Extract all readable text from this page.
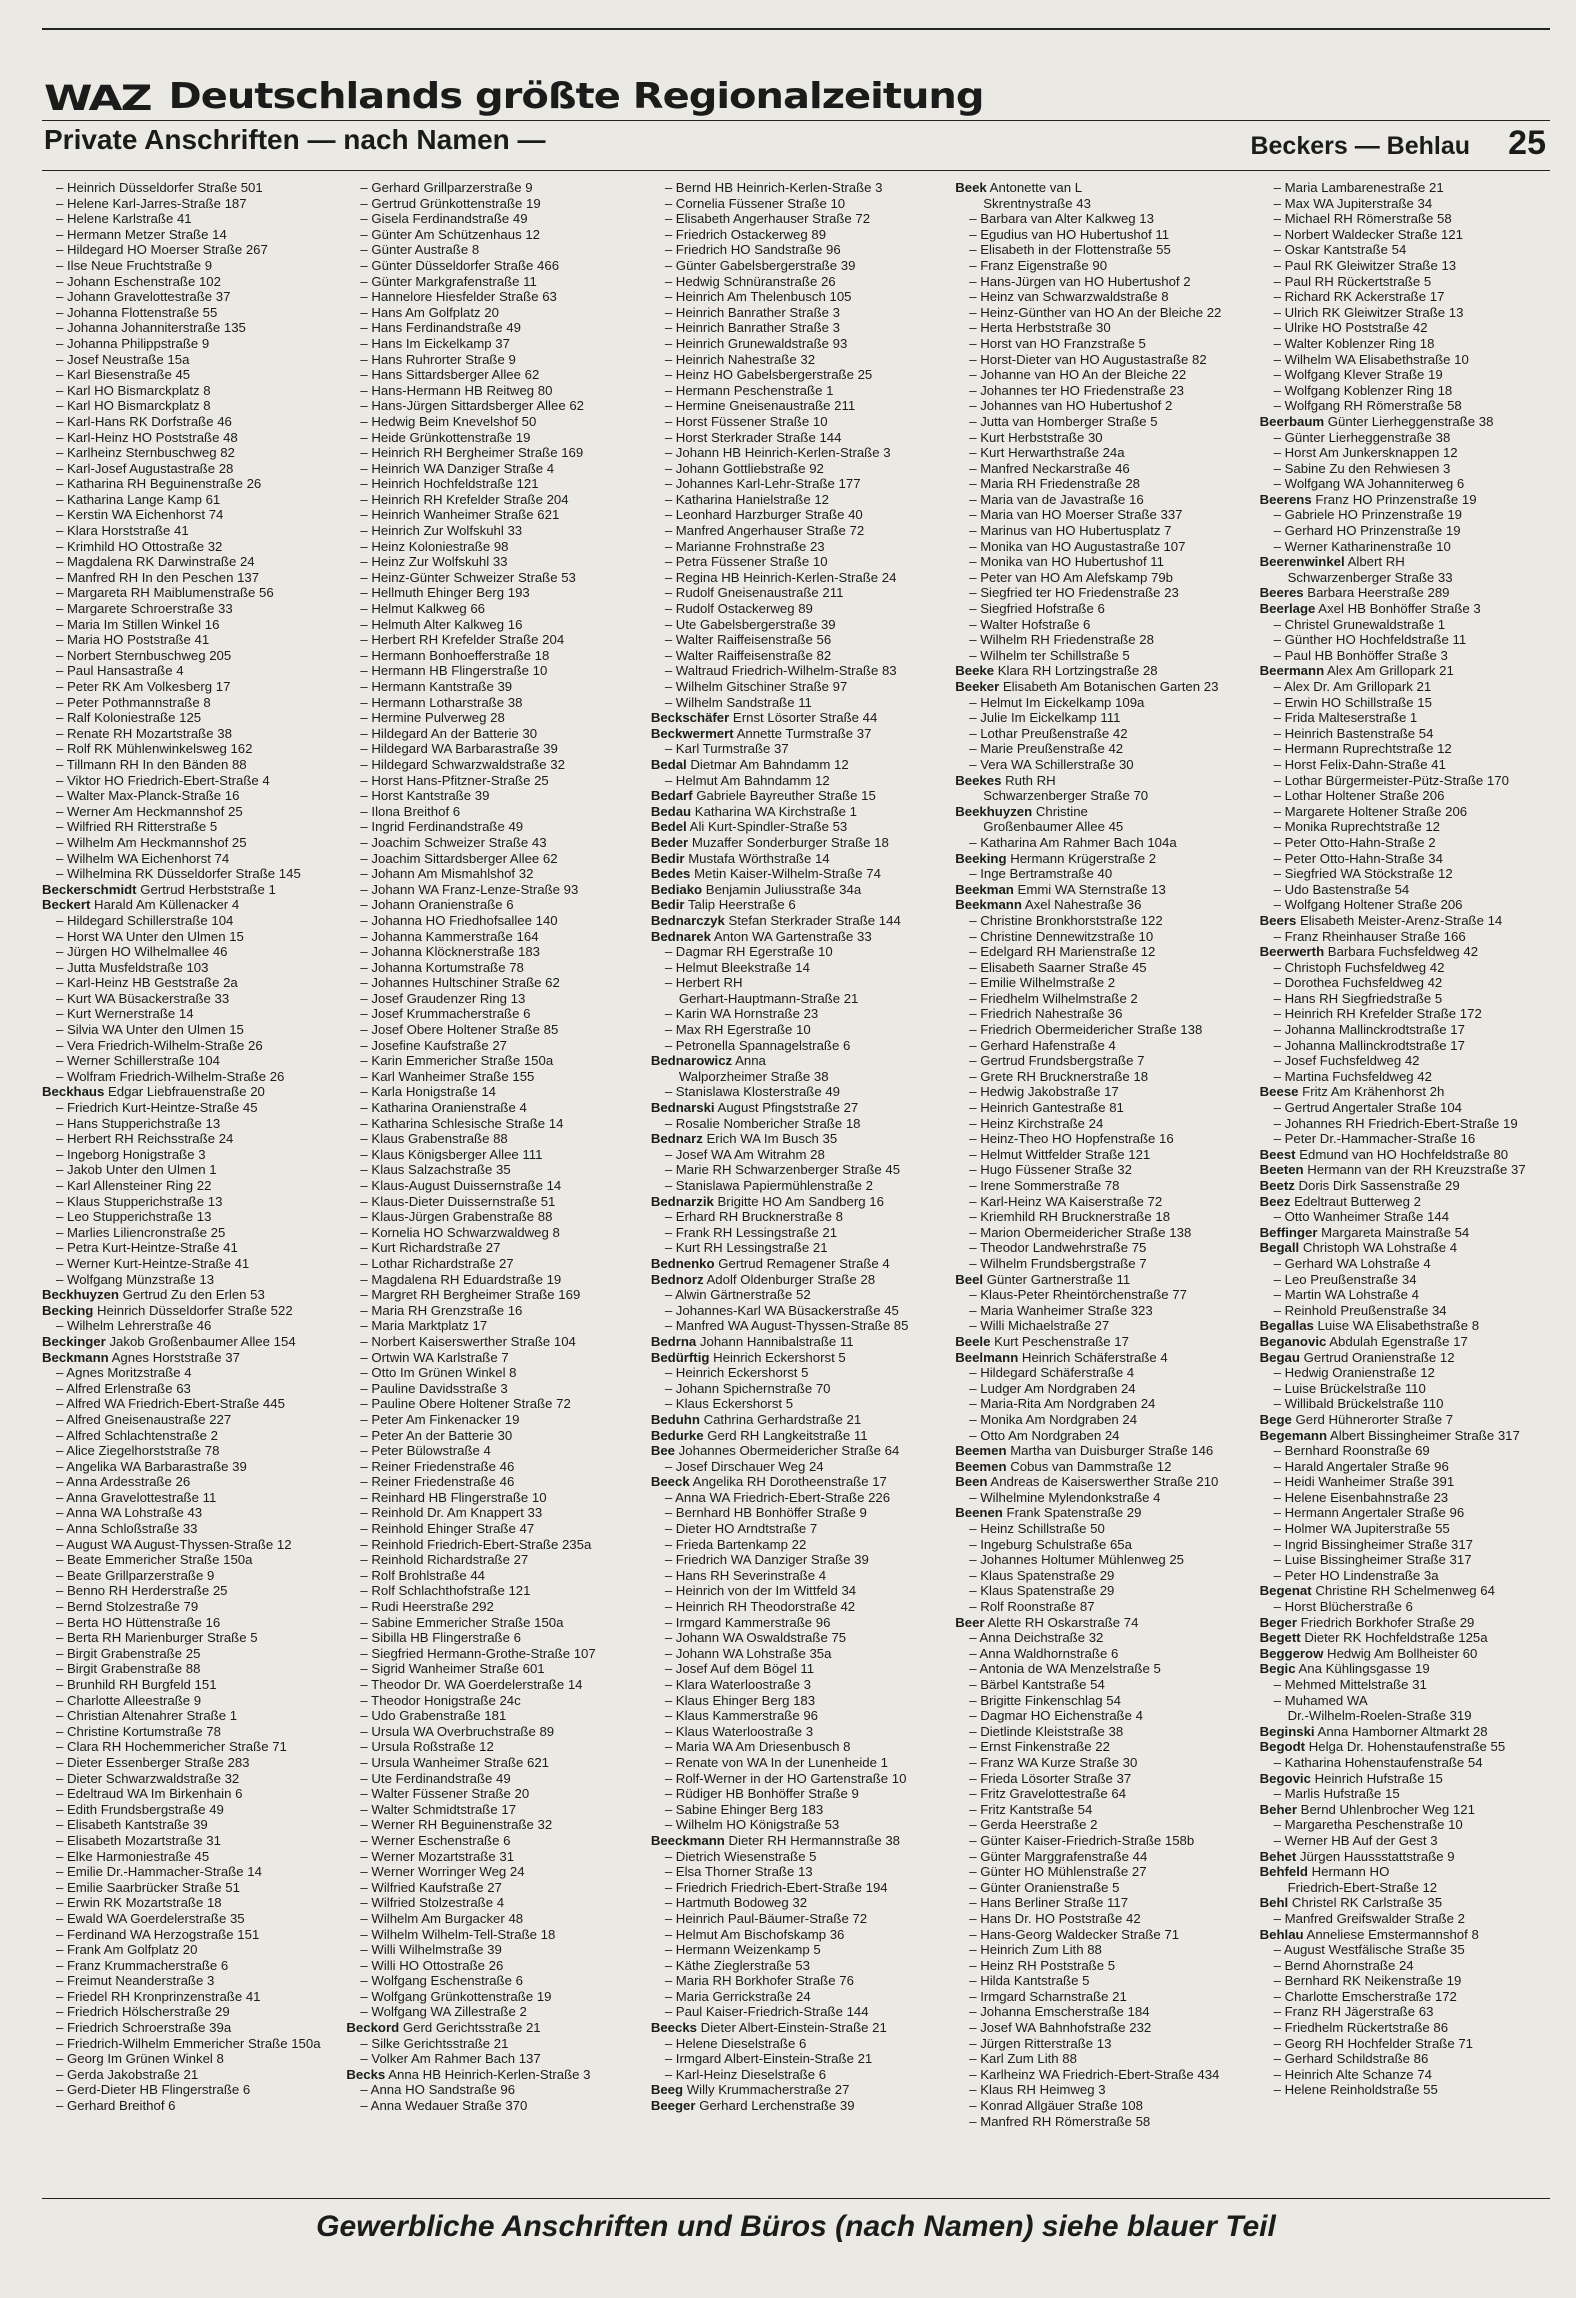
WAZ Deutschlands größte Regionalzeitung
Private Anschriften — nach Namen —	Beckers — Behlau 25
– Heinrich Düsseldorfer Straße 501
– Helene Karl-Jarres-Straße 187
– Helene Karlstraße 41
– Hermann Metzer Straße 14
– Hildegard HO Moerser Straße 267
– Ilse Neue Fruchtstraße 9
– Johann Eschenstraße 102
– Johann Gravelottestraße 37
– Johanna Flottenstraße 55
– Johanna Johanniterstraße 135
– Johanna Philippstraße 9
– Josef Neustraße 15a
– Karl Biesenstraße 45
– Karl HO Bismarckplatz 8
– Karl HO Bismarckplatz 8
– Karl-Hans RK Dorfstraße 46
– Karl-Heinz HO Poststraße 48
– Karlheinz Sternbuschweg 82
– Karl-Josef Augustastraße 28
– Katharina RH Beguinenstraße 26
– Katharina Lange Kamp 61
– Kerstin WA Eichenhorst 74
– Klara Horststraße 41
– Krimhild HO Ottostraße 32
– Magdalena RK Darwinstraße 24
– Manfred RH In den Peschen 137
– Margareta RH Maiblumenstraße 56
– Margarete Schroerstraße 33
– Maria Im Stillen Winkel 16
– Maria HO Poststraße 41
– Norbert Sternbuschweg 205
– Paul Hansastraße 4
– Peter RK Am Volkesberg 17
– Peter Pothmannstraße 8
– Ralf Koloniestraße 125
– Renate RH Mozartstraße 38
– Rolf RK Mühlenwinkelsweg 162
– Tillmann RH In den Bänden 88
– Viktor HO Friedrich-Ebert-Straße 4
– Walter Max-Planck-Straße 16
– Werner Am Heckmannshof 25
– Wilfried RH Ritterstraße 5
– Wilhelm Am Heckmannshof 25
– Wilhelm WA Eichenhorst 74
– Wilhelmina RK Düsseldorfer Straße 145
Beckerschmidt Gertrud Herbststraße 1
Beckert Harald Am Küllenacker 4
– Hildegard Schillerstraße 104
– Horst WA Unter den Ulmen 15
– Jürgen HO Wilhelmallee 46
– Jutta Musfeldstraße 103
– Karl-Heinz HB Geststraße 2a
– Kurt WA Büsackerstraße 33
– Kurt Wernerstraße 14
– Silvia WA Unter den Ulmen 15
– Vera Friedrich-Wilhelm-Straße 26
– Werner Schillerstraße 104
– Wolfram Friedrich-Wilhelm-Straße 26
Beckhaus Edgar Liebfrauenstraße 20
– Friedrich Kurt-Heintze-Straße 45
– Hans Stupperichstraße 13
– Herbert RH Reichsstraße 24
– Ingeborg Honigstraße 3
– Jakob Unter den Ulmen 1
– Karl Allensteiner Ring 22
– Klaus Stupperichstraße 13
– Leo Stupperichstraße 13
– Marlies Liliencronstraße 25
– Petra Kurt-Heintze-Straße 41
– Werner Kurt-Heintze-Straße 41
– Wolfgang Münzstraße 13
Beckhuyzen Gertrud Zu den Erlen 53
Becking Heinrich Düsseldorfer Straße 522
– Wilhelm Lehrerstraße 46
Beckinger Jakob Großenbaumer Allee 154
Beckmann Agnes Horststraße 37
– Agnes Moritzstraße 4
– Alfred Erlenstraße 63
– Alfred WA Friedrich-Ebert-Straße 445
– Alfred Gneisenaustraße 227
– Alfred Schlachtenstraße 2
– Alice Ziegelhorststraße 78
– Angelika WA Barbarastraße 39
– Anna Ardesstraße 26
– Anna Gravelottestraße 11
– Anna WA Lohstraße 43
– Anna Schloßstraße 33
– August WA August-Thyssen-Straße 12
– Beate Emmericher Straße 150a
– Beate Grillparzerstraße 9
– Benno RH Herderstraße 25
– Bernd Stolzestraße 79
– Berta HO Hüttenstraße 16
– Berta RH Marienburger Straße 5
– Birgit Grabenstraße 25
– Birgit Grabenstraße 88
– Brunhild RH Burgfeld 151
– Charlotte Alleestraße 9
– Christian Altenahrer Straße 1
– Christine Kortumstraße 78
– Clara RH Hochemmericher Straße 71
– Dieter Essenberger Straße 283
– Dieter Schwarzwaldstraße 32
– Edeltraud WA Im Birkenhain 6
– Edith Frundsbergstraße 49
– Elisabeth Kantstraße 39
– Elisabeth Mozartstraße 31
– Elke Harmoniestraße 45
– Emilie Dr.-Hammacher-Straße 14
– Emilie Saarbrücker Straße 51
– Erwin RK Mozartstraße 18
– Ewald WA Goerdelerstraße 35
– Ferdinand WA Herzogstraße 151
– Frank Am Golfplatz 20
– Franz Krummacherstraße 6
– Freimut Neanderstraße 3
– Friedel RH Kronprinzenstraße 41
– Friedrich Hölscherstraße 29
– Friedrich Schroerstraße 39a
– Friedrich-Wilhelm Emmericher Straße 150a
– Georg Im Grünen Winkel 8
– Gerda Jakobstraße 21
– Gerd-Dieter HB Flingerstraße 6
– Gerhard Breithof 6
– Gerhard Grillparzerstraße 9
– Gertrud Grünkottenstraße 19
– Gisela Ferdinandstraße 49
– Günter Am Schützenhaus 12
– Günter Austraße 8
– Günter Düsseldorfer Straße 466
– Günter Markgrafenstraße 11
– Hannelore Hiesfelder Straße 63
– Hans Am Golfplatz 20
– Hans Ferdinandstraße 49
– Hans Im Eickelkamp 37
– Hans Ruhrorter Straße 9
– Hans Sittardsberger Allee 62
– Hans-Hermann HB Reitweg 80
– Hans-Jürgen Sittardsberger Allee 62
– Hedwig Beim Knevelshof 50
– Heide Grünkottenstraße 19
– Heinrich RH Bergheimer Straße 169
– Heinrich WA Danziger Straße 4
– Heinrich Hochfeldstraße 121
– Heinrich RH Krefelder Straße 204
– Heinrich Wanheimer Straße 621
– Heinrich Zur Wolfskuhl 33
– Heinz Koloniestraße 98
– Heinz Zur Wolfskuhl 33
– Heinz-Günter Schweizer Straße 53
– Hellmuth Ehinger Berg 193
– Helmut Kalkweg 66
– Helmuth Alter Kalkweg 16
– Herbert RH Krefelder Straße 204
– Hermann Bonhoefferstraße 18
– Hermann HB Flingerstraße 10
– Hermann Kantstraße 39
– Hermann Lotharstraße 38
– Hermine Pulverweg 28
– Hildegard An der Batterie 30
– Hildegard WA Barbarastraße 39
– Hildegard Schwarzwaldstraße 32
– Horst Hans-Pfitzner-Straße 25
– Horst Kantstraße 39
– Ilona Breithof 6
– Ingrid Ferdinandstraße 49
– Joachim Schweizer Straße 43
– Joachim Sittardsberger Allee 62
– Johann Am Mismahlshof 32
– Johann WA Franz-Lenze-Straße 93
– Johann Oranienstraße 6
– Johanna HO Friedhofsallee 140
– Johanna Kammerstraße 164
– Johanna Klöcknerstraße 183
– Johanna Kortumstraße 78
– Johannes Hultschiner Straße 62
– Josef Graudenzer Ring 13
– Josef Krummacherstraße 6
– Josef Obere Holtener Straße 85
– Josefine Kaufstraße 27
– Karin Emmericher Straße 150a
– Karl Wanheimer Straße 155
– Karla Honigstraße 14
– Katharina Oranienstraße 4
– Katharina Schlesische Straße 14
– Klaus Grabenstraße 88
– Klaus Königsberger Allee 111
– Klaus Salzachstraße 35
– Klaus-August Duissernstraße 14
– Klaus-Dieter Duissernstraße 51
– Klaus-Jürgen Grabenstraße 88
– Kornelia HO Schwarzwaldweg 8
– Kurt Richardstraße 27
– Lothar Richardstraße 27
– Magdalena RH Eduardstraße 19
– Margret RH Bergheimer Straße 169
– Maria RH Grenzstraße 16
– Maria Marktplatz 17
– Norbert Kaiserswerther Straße 104
– Ortwin WA Karlstraße 7
– Otto Im Grünen Winkel 8
– Pauline Davidsstraße 3
– Pauline Obere Holtener Straße 72
– Peter Am Finkenacker 19
– Peter An der Batterie 30
– Peter Bülowstraße 4
– Reiner Friedenstraße 46
– Reiner Friedenstraße 46
– Reinhard HB Flingerstraße 10
– Reinhold Dr. Am Knappert 33
– Reinhold Ehinger Straße 47
– Reinhold Friedrich-Ebert-Straße 235a
– Reinhold Richardstraße 27
– Rolf Brohlstraße 44
– Rolf Schlachthofstraße 121
– Rudi Heerstraße 292
– Sabine Emmericher Straße 150a
– Sibilla HB Flingerstraße 6
– Siegfried Hermann-Grothe-Straße 107
– Sigrid Wanheimer Straße 601
– Theodor Dr. WA Goerdelerstraße 14
– Theodor Honigstraße 24c
– Udo Grabenstraße 181
– Ursula WA Overbruchstraße 89
– Ursula Roßstraße 12
– Ursula Wanheimer Straße 621
– Ute Ferdinandstraße 49
– Walter Füssener Straße 20
– Walter Schmidtstraße 17
– Werner RH Beguinenstraße 32
– Werner Eschenstraße 6
– Werner Mozartstraße 31
– Werner Worringer Weg 24
– Wilfried Kaufstraße 27
– Wilfried Stolzestraße 4
– Wilhelm Am Burgacker 48
– Wilhelm Wilhelm-Tell-Straße 18
– Willi Wilhelmstraße 39
– Willi HO Ottostraße 26
– Wolfgang Eschenstraße 6
– Wolfgang Grünkottenstraße 19
– Wolfgang WA Zillestraße 2
Beckord Gerd Gerichtsstraße 21
– Silke Gerichtsstraße 21
– Volker Am Rahmer Bach 137
Becks Anna HB Heinrich-Kerlen-Straße 3
– Anna HO Sandstraße 96
– Anna Wedauer Straße 370
– Bernd HB Heinrich-Kerlen-Straße 3
– Cornelia Füssener Straße 10
– Elisabeth Angerhauser Straße 72
– Friedrich Ostackerweg 89
– Friedrich HO Sandstraße 96
– Günter Gabelsbergerstraße 39
– Hedwig Schnüranstraße 26
– Heinrich Am Thelenbusch 105
– Heinrich Banrather Straße 3
– Heinrich Banrather Straße 3
– Heinrich Grunewaldstraße 93
– Heinrich Nahestraße 32
– Heinz HO Gabelsbergerstraße 25
– Hermann Peschenstraße 1
– Hermine Gneisenaustraße 211
– Horst Füssener Straße 10
– Horst Sterkrader Straße 144
– Johann HB Heinrich-Kerlen-Straße 3
– Johann Gottliebstraße 92
– Johannes Karl-Lehr-Straße 177
– Katharina Hanielstraße 12
– Leonhard Harzburger Straße 40
– Manfred Angerhauser Straße 72
– Marianne Frohnstraße 23
– Petra Füssener Straße 10
– Regina HB Heinrich-Kerlen-Straße 24
– Rudolf Gneisenaustraße 211
– Rudolf Ostackerweg 89
– Ute Gabelsbergerstraße 39
– Walter Raiffeisenstraße 56
– Walter Raiffeisenstraße 82
– Waltraud Friedrich-Wilhelm-Straße 83
– Wilhelm Gitschiner Straße 97
– Wilhelm Sandstraße 11
Beckschäfer Ernst Lösorter Straße 44
Beckwermert Annette Turmstraße 37
– Karl Turmstraße 37
Bedal Dietmar Am Bahndamm 12
– Helmut Am Bahndamm 12
Bedarf Gabriele Bayreuther Straße 15
Bedau Katharina WA Kirchstraße 1
Bedel Ali Kurt-Spindler-Straße 53
Beder Muzaffer Sonderburger Straße 18
Bedir Mustafa Wörthstraße 14
Bedes Metin Kaiser-Wilhelm-Straße 74
Bediako Benjamin Juliusstraße 34a
Bedir Talip Heerstraße 6
Bednarczyk Stefan Sterkrader Straße 144
Bednarek Anton WA Gartenstraße 33
– Dagmar RH Egerstraße 10
– Helmut Bleekstraße 14
– Herbert RH
Gerhart-Hauptmann-Straße 21
– Karin WA Hornstraße 23
– Max RH Egerstraße 10
– Petronella Spannagelstraße 6
Bednarowicz Anna
Walporzheimer Straße 38
– Stanislawa Klosterstraße 49
Bednarski August Pfingststraße 27
– Rosalie Nombericher Straße 18
Bednarz Erich WA Im Busch 35
– Josef WA Am Witrahm 28
– Marie RH Schwarzenberger Straße 45
– Stanislawa Papiermühlenstraße 2
Bednarzik Brigitte HO Am Sandberg 16
– Erhard RH Brucknerstraße 8
– Frank RH Lessingstraße 21
– Kurt RH Lessingstraße 21
Bednenko Gertrud Remagener Straße 4
Bednorz Adolf Oldenburger Straße 28
– Alwin Gärtnerstraße 52
– Johannes-Karl WA Büsackerstraße 45
– Manfred WA August-Thyssen-Straße 85
Bedrna Johann Hannibalstraße 11
Bedürftig Heinrich Eckershorst 5
– Heinrich Eckershorst 5
– Johann Spichernstraße 70
– Klaus Eckershorst 5
Beduhn Cathrina Gerhardstraße 21
Bedurke Gerd RH Langkeitstraße 11
Bee Johannes Obermeidericher Straße 64
– Josef Dirschauer Weg 24
Beeck Angelika RH Dorotheenstraße 17
– Anna WA Friedrich-Ebert-Straße 226
– Bernhard HB Bonhöffer Straße 9
– Dieter HO Arndtstraße 7
– Frieda Bartenkamp 22
– Friedrich WA Danziger Straße 39
– Hans RH Severinstraße 4
– Heinrich von der Im Wittfeld 34
– Heinrich RH Theodorstraße 42
– Irmgard Kammerstraße 96
– Johann WA Oswaldstraße 75
– Johann WA Lohstraße 35a
– Josef Auf dem Bögel 11
– Klara Waterloostraße 3
– Klaus Ehinger Berg 183
– Klaus Kammerstraße 96
– Klaus Waterloostraße 3
– Maria WA Am Driesenbusch 8
– Renate von WA In der Lunenheide 1
– Rolf-Werner in der HO Gartenstraße 10
– Rüdiger HB Bonhöffer Straße 9
– Sabine Ehinger Berg 183
– Wilhelm HO Königstraße 53
Beeckmann Dieter RH Hermannstraße 38
– Dietrich Wiesenstraße 5
– Elsa Thorner Straße 13
– Friedrich Friedrich-Ebert-Straße 194
– Hartmuth Bodoweg 32
– Heinrich Paul-Bäumer-Straße 72
– Helmut Am Bischofskamp 36
– Hermann Weizenkamp 5
– Käthe Zieglerstraße 53
– Maria RH Borkhofer Straße 76
– Maria Gerrickstraße 24
– Paul Kaiser-Friedrich-Straße 144
Beecks Dieter Albert-Einstein-Straße 21
– Helene Dieselstraße 6
– Irmgard Albert-Einstein-Straße 21
– Karl-Heinz Dieselstraße 6
Beeg Willy Krummacherstraße 27
Beeger Gerhard Lerchenstraße 39
Beek Antonette van L
Skrentnystraße 43
– Barbara van Alter Kalkweg 13
– Egudius van HO Hubertushof 11
– Elisabeth in der Flottenstraße 55
– Franz Eigenstraße 90
– Hans-Jürgen van HO Hubertushof 2
– Heinz van Schwarzwaldstraße 8
– Heinz-Günther van HO An der Bleiche 22
– Herta Herbststraße 30
– Horst van HO Franzstraße 5
– Horst-Dieter van HO Augustastraße 82
– Johanne van HO An der Bleiche 22
– Johannes ter HO Friedenstraße 23
– Johannes van HO Hubertushof 2
– Jutta van Homberger Straße 5
– Kurt Herbststraße 30
– Kurt Herwarthstraße 24a
– Manfred Neckarstraße 46
– Maria RH Friedenstraße 28
– Maria van de Javastraße 16
– Maria van HO Moerser Straße 337
– Marinus van HO Hubertusplatz 7
– Monika van HO Augustastraße 107
– Monika van HO Hubertushof 11
– Peter van HO Am Alefskamp 79b
– Siegfried ter HO Friedenstraße 23
– Siegfried Hofstraße 6
– Walter Hofstraße 6
– Wilhelm RH Friedenstraße 28
– Wilhelm ter Schillstraße 5
Beeke Klara RH Lortzingstraße 28
Beeker Elisabeth Am Botanischen Garten 23
– Helmut Im Eickelkamp 109a
– Julie Im Eickelkamp 111
– Lothar Preußenstraße 42
– Marie Preußenstraße 42
– Vera WA Schillerstraße 30
Beekes Ruth RH
Schwarzenberger Straße 70
Beekhuyzen Christine
Großenbaumer Allee 45
– Katharina Am Rahmer Bach 104a
Beeking Hermann Krügerstraße 2
– Inge Bertramstraße 40
Beekman Emmi WA Sternstraße 13
Beekmann Axel Nahestraße 36
– Christine Bronkhorststraße 122
– Christine Dennewitzstraße 10
– Edelgard RH Marienstraße 12
– Elisabeth Saarner Straße 45
– Emilie Wilhelmstraße 2
– Friedhelm Wilhelmstraße 2
– Friedrich Nahestraße 36
– Friedrich Obermeidericher Straße 138
– Gerhard Hafenstraße 4
– Gertrud Frundsbergstraße 7
– Grete RH Brucknerstraße 18
– Hedwig Jakobstraße 17
– Heinrich Gantestraße 81
– Heinz Kirchstraße 24
– Heinz-Theo HO Hopfenstraße 16
– Helmut Wittfelder Straße 121
– Hugo Füssener Straße 32
– Irene Sommerstraße 78
– Karl-Heinz WA Kaiserstraße 72
– Kriemhild RH Brucknerstraße 18
– Marion Obermeidericher Straße 138
– Theodor Landwehrstraße 75
– Wilhelm Frundsbergstraße 7
Beel Günter Gartnerstraße 11
– Klaus-Peter Rheintörchenstraße 77
– Maria Wanheimer Straße 323
– Willi Michaelstraße 27
Beele Kurt Peschenstraße 17
Beelmann Heinrich Schäferstraße 4
– Hildegard Schäferstraße 4
– Ludger Am Nordgraben 24
– Maria-Rita Am Nordgraben 24
– Monika Am Nordgraben 24
– Otto Am Nordgraben 24
Beemen Martha van Duisburger Straße 146
Beemen Cobus van Dammstraße 12
Been Andreas de Kaiserswerther Straße 210
– Wilhelmine Mylendonkstraße 4
Beenen Frank Spatenstraße 29
– Heinz Schillstraße 50
– Ingeburg Schulstraße 65a
– Johannes Holtumer Mühlenweg 25
– Klaus Spatenstraße 29
– Klaus Spatenstraße 29
– Rolf Roonstraße 87
Beer Alette RH Oskarstraße 74
– Anna Deichstraße 32
– Anna Waldhornstraße 6
– Antonia de WA Menzelstraße 5
– Bärbel Kantstraße 54
– Brigitte Finkenschlag 54
– Dagmar HO Eichenstraße 4
– Dietlinde Kleiststraße 38
– Ernst Finkenstraße 22
– Franz WA Kurze Straße 30
– Frieda Lösorter Straße 37
– Fritz Gravelottestraße 64
– Fritz Kantstraße 54
– Gerda Heerstraße 2
– Günter Kaiser-Friedrich-Straße 158b
– Günter Marggrafenstraße 44
– Günter HO Mühlenstraße 27
– Günter Oranienstraße 5
– Hans Berliner Straße 117
– Hans Dr. HO Poststraße 42
– Hans-Georg Waldecker Straße 71
– Heinrich Zum Lith 88
– Heinz RH Poststraße 5
– Hilda Kantstraße 5
– Irmgard Scharnstraße 21
– Johanna Emscherstraße 184
– Josef WA Bahnhofstraße 232
– Jürgen Ritterstraße 13
– Karl Zum Lith 88
– Karlheinz WA Friedrich-Ebert-Straße 434
– Klaus RH Heimweg 3
– Konrad Allgäuer Straße 108
– Manfred RH Römerstraße 58
– Maria Lambarenestraße 21
– Max WA Jupiterstraße 34
– Michael RH Römerstraße 58
– Norbert Waldecker Straße 121
– Oskar Kantstraße 54
– Paul RK Gleiwitzer Straße 13
– Paul RH Rückertstraße 5
– Richard RK Ackerstraße 17
– Ulrich RK Gleiwitzer Straße 13
– Ulrike HO Poststraße 42
– Walter Koblenzer Ring 18
– Wilhelm WA Elisabethstraße 10
– Wolfgang Klever Straße 19
– Wolfgang Koblenzer Ring 18
– Wolfgang RH Römerstraße 58
Beerbaum Günter Lierheggenstraße 38
– Günter Lierheggenstraße 38
– Horst Am Junkersknappen 12
– Sabine Zu den Rehwiesen 3
– Wolfgang WA Johanniterweg 6
Beerens Franz HO Prinzenstraße 19
– Gabriele HO Prinzenstraße 19
– Gerhard HO Prinzenstraße 19
– Werner Katharinenstraße 10
Beerenwinkel Albert RH
Schwarzenberger Straße 33
Beeres Barbara Heerstraße 289
Beerlage Axel HB Bonhöffer Straße 3
– Christel Grunewaldstraße 1
– Günther HO Hochfeldstraße 11
– Paul HB Bonhöffer Straße 3
Beermann Alex Am Grillopark 21
– Alex Dr. Am Grillopark 21
– Erwin HO Schillstraße 15
– Frida Malteserstraße 1
– Heinrich Bastenstraße 54
– Hermann Ruprechtstraße 12
– Horst Felix-Dahn-Straße 41
– Lothar Bürgermeister-Pütz-Straße 170
– Lothar Holtener Straße 206
– Margarete Holtener Straße 206
– Monika Ruprechtstraße 12
– Peter Otto-Hahn-Straße 2
– Peter Otto-Hahn-Straße 34
– Siegfried WA Stöckstraße 12
– Udo Bastenstraße 54
– Wolfgang Holtener Straße 206
Beers Elisabeth Meister-Arenz-Straße 14
– Franz Rheinhauser Straße 166
Beerwerth Barbara Fuchsfeldweg 42
– Christoph Fuchsfeldweg 42
– Dorothea Fuchsfeldweg 42
– Hans RH Siegfriedstraße 5
– Heinrich RH Krefelder Straße 172
– Johanna Mallinckrodtstraße 17
– Johanna Mallinckrodtstraße 17
– Josef Fuchsfeldweg 42
– Martina Fuchsfeldweg 42
Beese Fritz Am Krähenhorst 2h
– Gertrud Angertaler Straße 104
– Johannes RH Friedrich-Ebert-Straße 19
– Peter Dr.-Hammacher-Straße 16
Beest Edmund van HO Hochfeldstraße 80
Beeten Hermann van der RH Kreuzstraße 37
Beetz Doris Dirk Sassenstraße 29
Beez Edeltraut Butterweg 2
– Otto Wanheimer Straße 144
Beffinger Margareta Mainstraße 54
Begall Christoph WA Lohstraße 4
– Gerhard WA Lohstraße 4
– Leo Preußenstraße 34
– Martin WA Lohstraße 4
– Reinhold Preußenstraße 34
Begallas Luise WA Elisabethstraße 8
Beganovic Abdulah Egenstraße 17
Begau Gertrud Oranienstraße 12
– Hedwig Oranienstraße 12
– Luise Brückelstraße 110
– Willibald Brückelstraße 110
Bege Gerd Hühnerorter Straße 7
Begemann Albert Bissingheimer Straße 317
– Bernhard Roonstraße 69
– Harald Angertaler Straße 96
– Heidi Wanheimer Straße 391
– Helene Eisenbahnstraße 23
– Hermann Angertaler Straße 96
– Holmer WA Jupiterstraße 55
– Ingrid Bissingheimer Straße 317
– Luise Bissingheimer Straße 317
– Peter HO Lindenstraße 3a
Begenat Christine RH Schelmenweg 64
– Horst Blücherstraße 6
Beger Friedrich Borkhofer Straße 29
Begett Dieter RK Hochfeldstraße 125a
Beggerow Hedwig Am Bollheister 60
Begic Ana Kühlingsgasse 19
– Mehmed Mittelstraße 31
– Muhamed WA
Dr.-Wilhelm-Roelen-Straße 319
Beginski Anna Hamborner Altmarkt 28
Begodt Helga Dr. Hohenstaufenstraße 55
– Katharina Hohenstaufenstraße 54
Begovic Heinrich Hufstraße 15
– Marlis Hufstraße 15
Beher Bernd Uhlenbrocher Weg 121
– Margaretha Peschenstraße 10
– Werner HB Auf der Gest 3
Behet Jürgen Haussstattstraße 9
Behfeld Hermann HO
Friedrich-Ebert-Straße 12
Behl Christel RK Carlstraße 35
– Manfred Greifswalder Straße 2
Behlau Anneliese Emstermannshof 8
– August Westfälische Straße 35
– Bernd Ahornstraße 24
– Bernhard RK Neikenstraße 19
– Charlotte Emscherstraße 172
– Franz RH Jägerstraße 63
– Friedhelm Rückertstraße 86
– Georg RH Hochfelder Straße 71
– Gerhard Schildstraße 86
– Heinrich Alte Schanze 74
– Helene Reinholdstraße 55
Gewerbliche Anschriften und Büros (nach Namen) siehe blauer Teil
